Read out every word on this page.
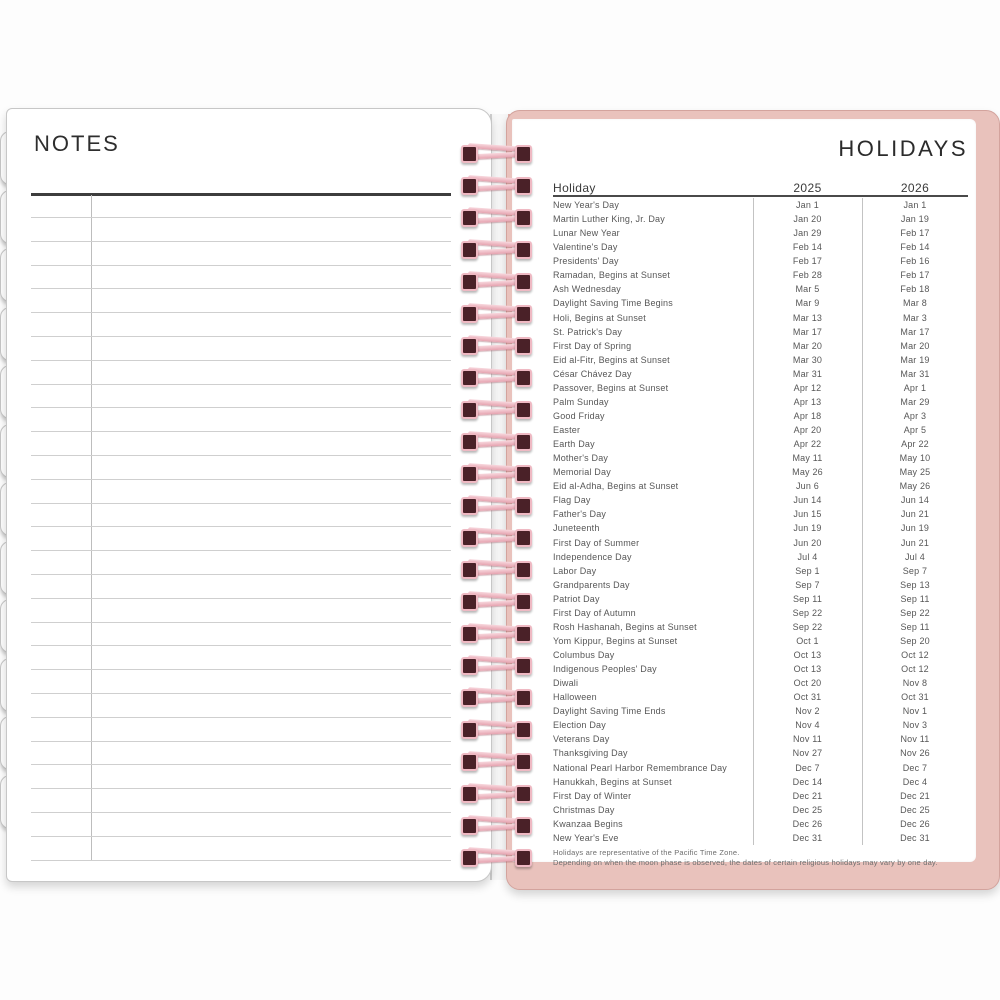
NOTES	HOLIDAYS
Holiday	2025	2026
New Year's Day	Jan 1	Jan 1
Martin Luther King, Jr. Day	Jan 20	Jan 19
Lunar New Year	Jan 29	Feb 17
Valentine's Day	Feb 14	Feb 14
Presidents' Day	Feb 17	Feb 16
Ramadan, Begins at Sunset	Feb 28	Feb 17
Ash Wednesday	Mar 5	Feb 18
Daylight Saving Time Begins	Mar 9	Mar 8
Holi, Begins at Sunset	Mar 13	Mar 3
St. Patrick's Day	Mar 17	Mar 17
First Day of Spring	Mar 20	Mar 20
Eid al-Fitr, Begins at Sunset	Mar 30	Mar 19
César Chávez Day	Mar 31	Mar 31
Passover, Begins at Sunset	Apr 12	Apr 1
Palm Sunday	Apr 13	Mar 29
Good Friday	Apr 18	Apr 3
Easter	Apr 20	Apr 5
Earth Day	Apr 22	Apr 22
Mother's Day	May 11	May 10
Memorial Day	May 26	May 25
Eid al-Adha, Begins at Sunset	Jun 6	May 26
Flag Day	Jun 14	Jun 14
Father's Day	Jun 15	Jun 21
Juneteenth	Jun 19	Jun 19
First Day of Summer	Jun 20	Jun 21
Independence Day	Jul 4	Jul 4
Labor Day	Sep 1	Sep 7
Grandparents Day	Sep 7	Sep 13
Patriot Day	Sep 11	Sep 11
First Day of Autumn	Sep 22	Sep 22
Rosh Hashanah, Begins at Sunset	Sep 22	Sep 11
Yom Kippur, Begins at Sunset	Oct 1	Sep 20
Columbus Day	Oct 13	Oct 12
Indigenous Peoples' Day	Oct 13	Oct 12
Diwali	Oct 20	Nov 8
Halloween	Oct 31	Oct 31
Daylight Saving Time Ends	Nov 2	Nov 1
Election Day	Nov 4	Nov 3
Veterans Day	Nov 11	Nov 11
Thanksgiving Day	Nov 27	Nov 26
National Pearl Harbor Remembrance Day	Dec 7	Dec 7
Hanukkah, Begins at Sunset	Dec 14	Dec 4
First Day of Winter	Dec 21	Dec 21
Christmas Day	Dec 25	Dec 25
Kwanzaa Begins	Dec 26	Dec 26
New Year's Eve	Dec 31	Dec 31
Holidays are representative of the Pacific Time Zone.
Depending on when the moon phase is observed, the dates of certain religious holidays may vary by one day.
